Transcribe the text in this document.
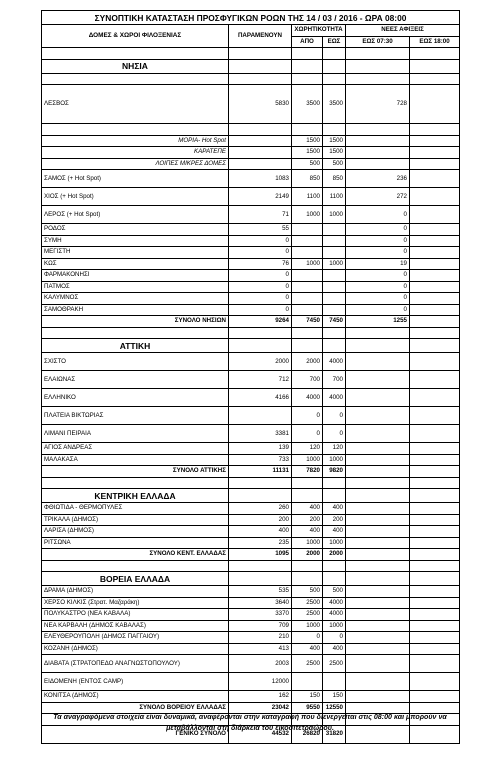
ΣΥΝΟΠΤΙΚΗ ΚΑΤΑΣΤΑΣΗ ΠΡΟΣΦΥΓΙΚΩΝ ΡΟΩΝ ΤΗΣ 14 / 03 / 2016 - ΩΡΑ 08:00					
ΔΟΜΕΣ & ΧΩΡΟΙ ΦΙΛΟΞΕΝΙΑΣ	ΠΑΡΑΜΕΝΟΥΝ	ΧΩΡΗΤΙΚΟΤΗΤΑ		ΝΕΕΣ ΑΦΙΞΕΙΣ	
		ΑΠΟ	ΕΩΣ	ΕΩΣ 07:30	ΕΩΣ 18:00

ΝΗΣΙΑ					

ΛΕΣΒΟΣ	5830	3500	3500	728	

ΜΟΡΙΑ- Hot Spot		1500	1500		
ΚΑΡΑΤΕΠΕ		1500	1500		
ΛΟΙΠΕΣ ΜΙΚΡΕΣ ΔΟΜΕΣ		500	500		
ΣΑΜΟΣ (+ Hot Spot)	1083	850	850	236	
ΧΙΟΣ (+ Hot Spot)	2149	1100	1100	272	
ΛΕΡΟΣ (+ Hot Spot)	71	1000	1000	0	
ΡΟΔΟΣ	55			0	
ΣΥΜΗ	0			0	
ΜΕΓΙΣΤΗ	0			0	
ΚΩΣ	76	1000	1000	19	
ΦΑΡΜΑΚΟΝΗΣΙ	0			0	
ΠΑΤΜΟΣ	0			0	
ΚΑΛΥΜΝΟΣ	0			0	
ΣΑΜΟΘΡΑΚΗ	0			0	
ΣΥΝΟΛΟ ΝΗΣΙΩΝ	9264	7450	7450	1255	

ΑΤΤΙΚΗ					
ΣΧΙΣΤΟ	2000	2000	4000		
ΕΛΑΙΩΝΑΣ	712	700	700		
ΕΛΛΗΝΙΚΟ	4166	4000	4000		
ΠΛΑΤΕΙΑ ΒΙΚΤΩΡΙΑΣ		0	0		
ΛΙΜΑΝΙ ΠΕΙΡΑΙΑ	3381	0	0		
ΑΓΙΟΣ ΑΝΔΡΕΑΣ	139	120	120		
ΜΑΛΑΚΑΣΑ	733	1000	1000		
ΣΥΝΟΛΟ ΑΤΤΙΚΗΣ	11131	7820	9820		

ΚΕΝΤΡΙΚΗ ΕΛΛΑΔΑ					
ΦΘΙΩΤΙΔΑ - ΘΕΡΜΟΠΥΛΕΣ	260	400	400		
ΤΡΙΚΑΛΑ (ΔΗΜΟΣ)	200	200	200		
ΛΑΡΙΣΑ (ΔΗΜΟΣ)	400	400	400		
ΡΙΤΣΩΝΑ	235	1000	1000		
ΣΥΝΟΛΟ ΚΕΝΤ. ΕΛΛΑΔΑΣ	1095	2000	2000		

ΒΟΡΕΙΑ ΕΛΛΑΔΑ					
ΔΡΑΜΑ (ΔΗΜΟΣ)	535	500	500		
ΧΕΡΣΟ ΚΙΛΚΙΣ (Στρατ. Μαζαράκη)	3640	2500	4000		
ΠΟΛΥΚΑΣΤΡΟ (ΝΕΑ ΚΑΒΑΛΑ)	3370	2500	4000		
ΝΕΑ ΚΑΡΒΑΛΗ (ΔΗΜΟΣ ΚΑΒΑΛΑΣ)	709	1000	1000		
ΕΛΕΥΘΕΡΟΥΠΟΛΗ (ΔΗΜΟΣ ΠΑΓΓΑΙΟΥ)	210	0	0		
ΚΟΖΑΝΗ (ΔΗΜΟΣ)	413	400	400		
ΔΙΑΒΑΤΑ (ΣΤΡΑΤΟΠΕΔΟ ΑΝΑΓΝΩΣΤΟΠΟΥΛΟΥ)	2003	2500	2500		
ΕΙΔΟΜΕΝΗ (ΕΝΤΟΣ CAMP)	12000				
ΚΟΝΙΤΣΑ (ΔΗΜΟΣ)	162	150	150		
ΣΥΝΟΛΟ ΒΟΡΕΙΟΥ ΕΛΛΑΔΑΣ	23042	9550	12550		

ΓΕΝΙΚΟ ΣΥΝΟΛΟ	44532	26820	31820		
Τα αναγραφόμενα στοιχεία είναι δυναμικά, αναφέρονται στην καταγραφή που διενεργείται στις 08:00 και μπορούν να μεταβάλλονται στη διάρκεια του εικοσιτετραώρου.
